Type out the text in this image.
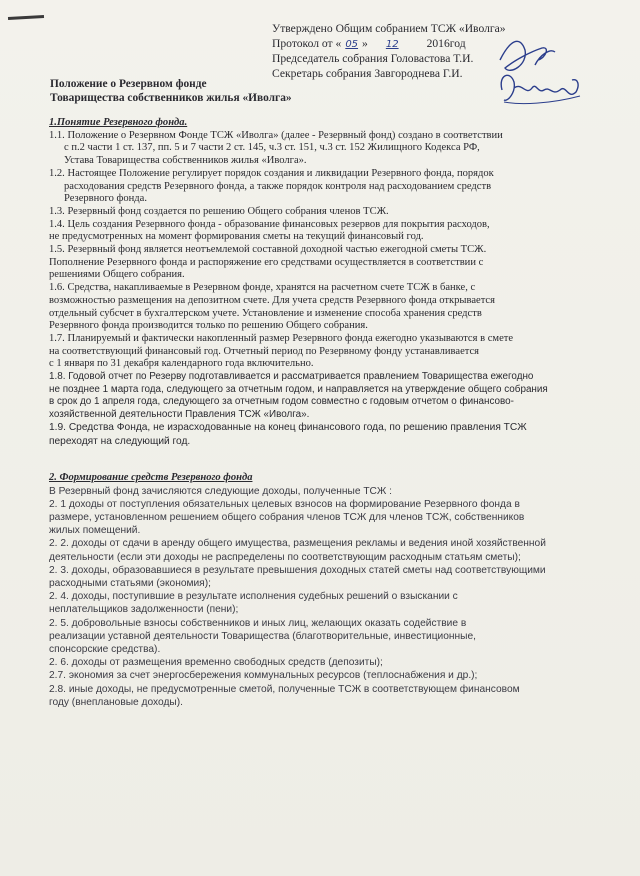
Утверждено Общим собранием ТСЖ «Иволга»
Протокол от « 05 » 12 2016год
Председатель собрания Головастова Т.И.
Секретарь собрания Завгороднева Г.И.
Положение о Резервном фонде
Товарищества собственников жилья «Иволга»

1.Понятие Резервного фонда.

1.1. Положение о Резервном Фонде ТСЖ «Иволга» (далее - Резервный фонд) создано в соответствии

с п.2 части 1 ст. 137, пп. 5 и 7 части 2 ст. 145, ч.3 ст. 151, ч.3 ст. 152 Жилищного Кодекса РФ,

Устава Товарищества собственников жилья «Иволга».

1.2. Настоящее Положение регулирует порядок создания и ликвидации Резервного фонда, порядок

расходования средств Резервного фонда, а также порядок контроля над расходованием средств

Резервного фонда.

1.3. Резервный фонд создается по решению Общего собрания членов ТСЖ.

1.4. Цель создания Резервного фонда - образование финансовых резервов для покрытия расходов,

не предусмотренных на момент формирования сметы на текущий финансовый год.

1.5. Резервный фонд является неотъемлемой составной доходной частью ежегодной сметы ТСЖ.

Пополнение Резервного фонда и распоряжение его средствами осуществляется в соответствии с

решениями Общего собрания.

1.6. Средства, накапливаемые в Резервном фонде, хранятся на расчетном счете ТСЖ в банке, с

возможностью размещения на депозитном счете. Для учета средств Резервного фонда открывается

отдельный субсчет в бухгалтерском учете. Установление и изменение способа хранения средств

Резервного фонда производится только по решению Общего собрания.

1.7. Планируемый и фактически накопленный размер Резервного фонда ежегодно указываются в смете

на соответствующий финансовый год. Отчетный период по Резервному фонду устанавливается

с 1 января по 31 декабря календарного года включительно.

1.8. Годовой отчет по Резерву подготавливается и рассматривается правлением Товарищества ежегодно

не позднее 1 марта года, следующего за отчетным годом, и направляется на утверждение общего собрания

в срок до 1 апреля года, следующего за отчетным годом совместно с годовым отчетом о финансово-

хозяйственной деятельности Правления ТСЖ «Иволга».

1.9. Средства Фонда, не израсходованные на конец финансового года, по решению правления ТСЖ

переходят на следующий год.

2. Формирование средств Резервного фонда

В Резервный фонд зачисляются следующие доходы, полученные ТСЖ :

2. 1 доходы от поступления обязательных целевых взносов на формирование Резервного фонда в

размере, установленном решением общего собрания членов ТСЖ для членов ТСЖ, собственников

жилых помещений.

2. 2. доходы от сдачи в аренду общего имущества, размещения рекламы и ведения иной хозяйственной

деятельности (если эти доходы не распределены по соответствующим расходным статьям сметы);

2. 3. доходы, образовавшиеся в результате превышения доходных статей сметы над соответствующими

расходными статьями (экономия);

2. 4. доходы, поступившие в результате исполнения судебных решений о взыскании с

неплательщиков задолженности (пени);

2. 5. добровольные взносы собственников и иных лиц, желающих оказать содействие в

реализации уставной деятельности Товарищества (благотворительные, инвестиционные,

спонсорские средства).

2. 6. доходы от размещения временно свободных средств (депозиты);

2.7. экономия за счет энергосбережения коммунальных ресурсов (теплоснабжения и др.);

2.8. иные доходы, не предусмотренные сметой, полученные ТСЖ в соответствующем финансовом

году (внеплановые доходы).
